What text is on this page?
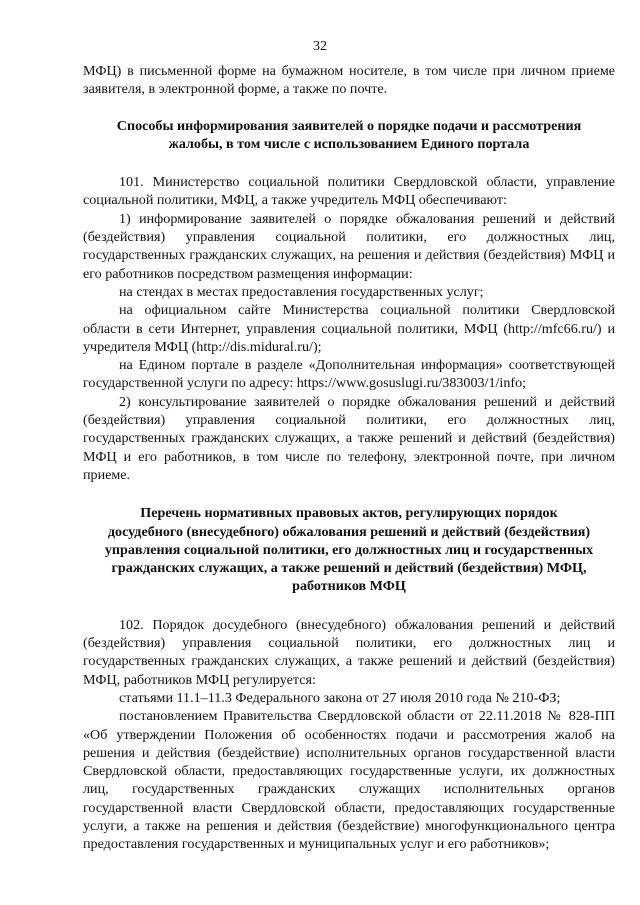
32

МФЦ) в письменной форме на бумажном носителе, в том числе при личном приеме заявителя, в электронной форме, а также по почте.

Способы информирования заявителей о порядке подачи и рассмотрения
жалобы, в том числе с использованием Единого портала

101. Министерство социальной политики Свердловской области, управление социальной политики, МФЦ, а также учредитель МФЦ обеспечивают:

1) информирование заявителей о порядке обжалования решений и действий (бездействия) управления социальной политики, его должностных лиц, государственных гражданских служащих, на решения и действия (бездействия) МФЦ и его работников посредством размещения информации:

на стендах в местах предоставления государственных услуг;

на официальном сайте Министерства социальной политики Свердловской области в сети Интернет, управления социальной политики, МФЦ (http://mfc66.ru/) и учредителя МФЦ (http://dis.midural.ru/);

на Едином портале в разделе «Дополнительная информация» соответствующей государственной услуги по адресу: https://www.gosuslugi.ru/383003/1/info;

2) консультирование заявителей о порядке обжалования решений и действий (бездействия) управления социальной политики, его должностных лиц, государственных гражданских служащих, а также решений и действий (бездействия) МФЦ и его работников, в том числе по телефону, электронной почте, при личном приеме.

Перечень нормативных правовых актов, регулирующих порядок
досудебного (внесудебного) обжалования решений и действий (бездействия)
управления социальной политики, его должностных лиц и государственных
гражданских служащих, а также решений и действий (бездействия) МФЦ,
работников МФЦ

102. Порядок досудебного (внесудебного) обжалования решений и действий (бездействия) управления социальной политики, его должностных лиц и государственных гражданских служащих, а также решений и действий (бездействия) МФЦ, работников МФЦ регулируется:

статьями 11.1–11.3 Федерального закона от 27 июля 2010 года № 210-ФЗ;

постановлением Правительства Свердловской области от 22.11.2018 № 828-ПП «Об утверждении Положения об особенностях подачи и рассмотрения жалоб на решения и действия (бездействие) исполнительных органов государственной власти Свердловской области, предоставляющих государственные услуги, их должностных лиц, государственных гражданских служащих исполнительных органов государственной власти Свердловской области, предоставляющих государственные услуги, а также на решения и действия (бездействие) многофункционального центра предоставления государственных и муниципальных услуг и его работников»;
